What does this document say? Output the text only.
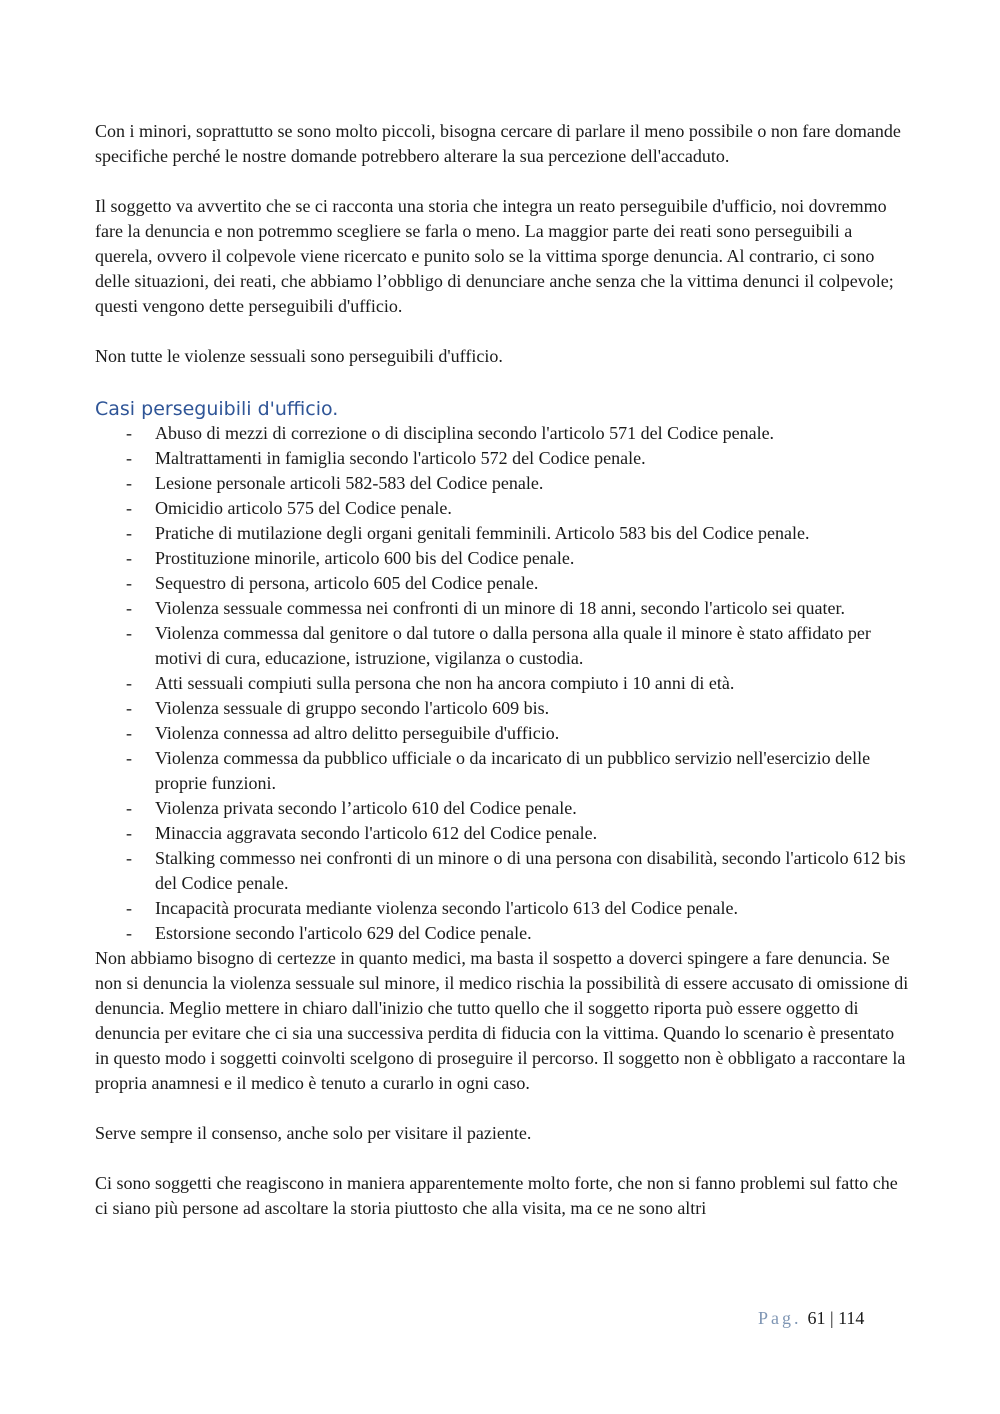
Con i minori, soprattutto se sono molto piccoli, bisogna cercare di parlare il meno possibile o non fare domande specifiche perché le nostre domande potrebbero alterare la sua percezione dell'accaduto.

Il soggetto va avvertito che se ci racconta una storia che integra un reato perseguibile d'ufficio, noi dovremmo fare la denuncia e non potremmo scegliere se farla o meno. La maggior parte dei reati sono perseguibili a querela, ovvero il colpevole viene ricercato e punito solo se la vittima sporge denuncia. Al contrario, ci sono delle situazioni, dei reati, che abbiamo l’obbligo di denunciare anche senza che la vittima denunci il colpevole; questi vengono dette perseguibili d'ufficio.

Non tutte le violenze sessuali sono perseguibili d'ufficio.

Casi perseguibili d'ufficio.
- Abuso di mezzi di correzione o di disciplina secondo l'articolo 571 del Codice penale.
- Maltrattamenti in famiglia secondo l'articolo 572 del Codice penale.
- Lesione personale articoli 582-583 del Codice penale.
- Omicidio articolo 575 del Codice penale.
- Pratiche di mutilazione degli organi genitali femminili. Articolo 583 bis del Codice penale.
- Prostituzione minorile, articolo 600 bis del Codice penale.
- Sequestro di persona, articolo 605 del Codice penale.
- Violenza sessuale commessa nei confronti di un minore di 18 anni, secondo l'articolo sei quater.
- Violenza commessa dal genitore o dal tutore o dalla persona alla quale il minore è stato affidato per motivi di cura, educazione, istruzione, vigilanza o custodia.
- Atti sessuali compiuti sulla persona che non ha ancora compiuto i 10 anni di età.
- Violenza sessuale di gruppo secondo l'articolo 609 bis.
- Violenza connessa ad altro delitto perseguibile d'ufficio.
- Violenza commessa da pubblico ufficiale o da incaricato di un pubblico servizio nell'esercizio delle proprie funzioni.
- Violenza privata secondo l’articolo 610 del Codice penale.
- Minaccia aggravata secondo l'articolo 612 del Codice penale.
- Stalking commesso nei confronti di un minore o di una persona con disabilità, secondo l'articolo 612 bis del Codice penale.
- Incapacità procurata mediante violenza secondo l'articolo 613 del Codice penale.
- Estorsione secondo l'articolo 629 del Codice penale.

Non abbiamo bisogno di certezze in quanto medici, ma basta il sospetto a doverci spingere a fare denuncia. Se non si denuncia la violenza sessuale sul minore, il medico rischia la possibilità di essere accusato di omissione di denuncia. Meglio mettere in chiaro dall'inizio che tutto quello che il soggetto riporta può essere oggetto di denuncia per evitare che ci sia una successiva perdita di fiducia con la vittima. Quando lo scenario è presentato in questo modo i soggetti coinvolti scelgono di proseguire il percorso. Il soggetto non è obbligato a raccontare la propria anamnesi e il medico è tenuto a curarlo in ogni caso.

Serve sempre il consenso, anche solo per visitare il paziente.

Ci sono soggetti che reagiscono in maniera apparentemente molto forte, che non si fanno problemi sul fatto che ci siano più persone ad ascoltare la storia piuttosto che alla visita, ma ce ne sono altri

Pag. 61 | 114
